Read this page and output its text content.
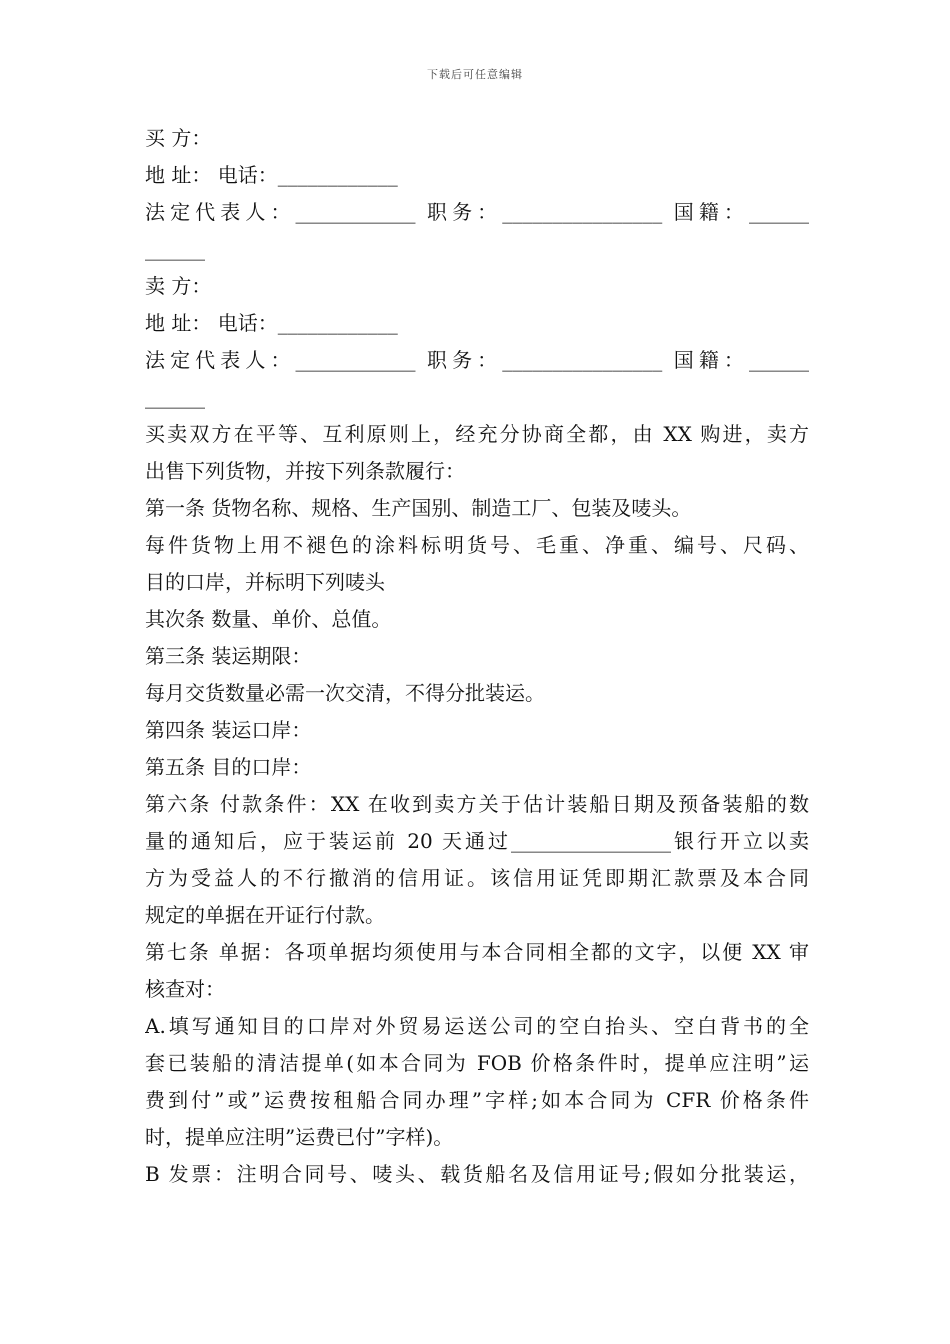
下载后可任意编辑
买 方：
地 址： 电话：____________
法定代表人：____________ 职务：________________ 国籍：______
______
卖 方：
地 址： 电话：____________
法定代表人：____________ 职务：________________ 国籍：______
______
买卖双方在平等、互利原则上，经充分协商全都，由 XX 购进，卖方
出售下列货物，并按下列条款履行：
第一条 货物名称、规格、生产国别、制造工厂、包装及唛头。
每件货物上用不褪色的涂料标明货号、毛重、净重、编号、尺码、
目的口岸，并标明下列唛头
其次条 数量、单价、总值。
第三条 装运期限：
每月交货数量必需一次交清，不得分批装运。
第四条 装运口岸：
第五条 目的口岸：
第六条 付款条件：XX 在收到卖方关于估计装船日期及预备装船的数
量的通知后，应于装运前 20 天通过________________银行开立以卖
方为受益人的不行撤消的信用证。该信用证凭即期汇款票及本合同
规定的单据在开证行付款。
第七条 单据：各项单据均须使用与本合同相全都的文字，以便 XX 审
核查对：
A.填写通知目的口岸对外贸易运送公司的空白抬头、空白背书的全
套已装船的清洁提单(如本合同为 FOB 价格条件时，提单应注明”运
费到付”或”运费按租船合同办理”字样;如本合同为 CFR 价格条件
时，提单应注明”运费已付”字样)。
B 发票：注明合同号、唛头、载货船名及信用证号;假如分批装运，
